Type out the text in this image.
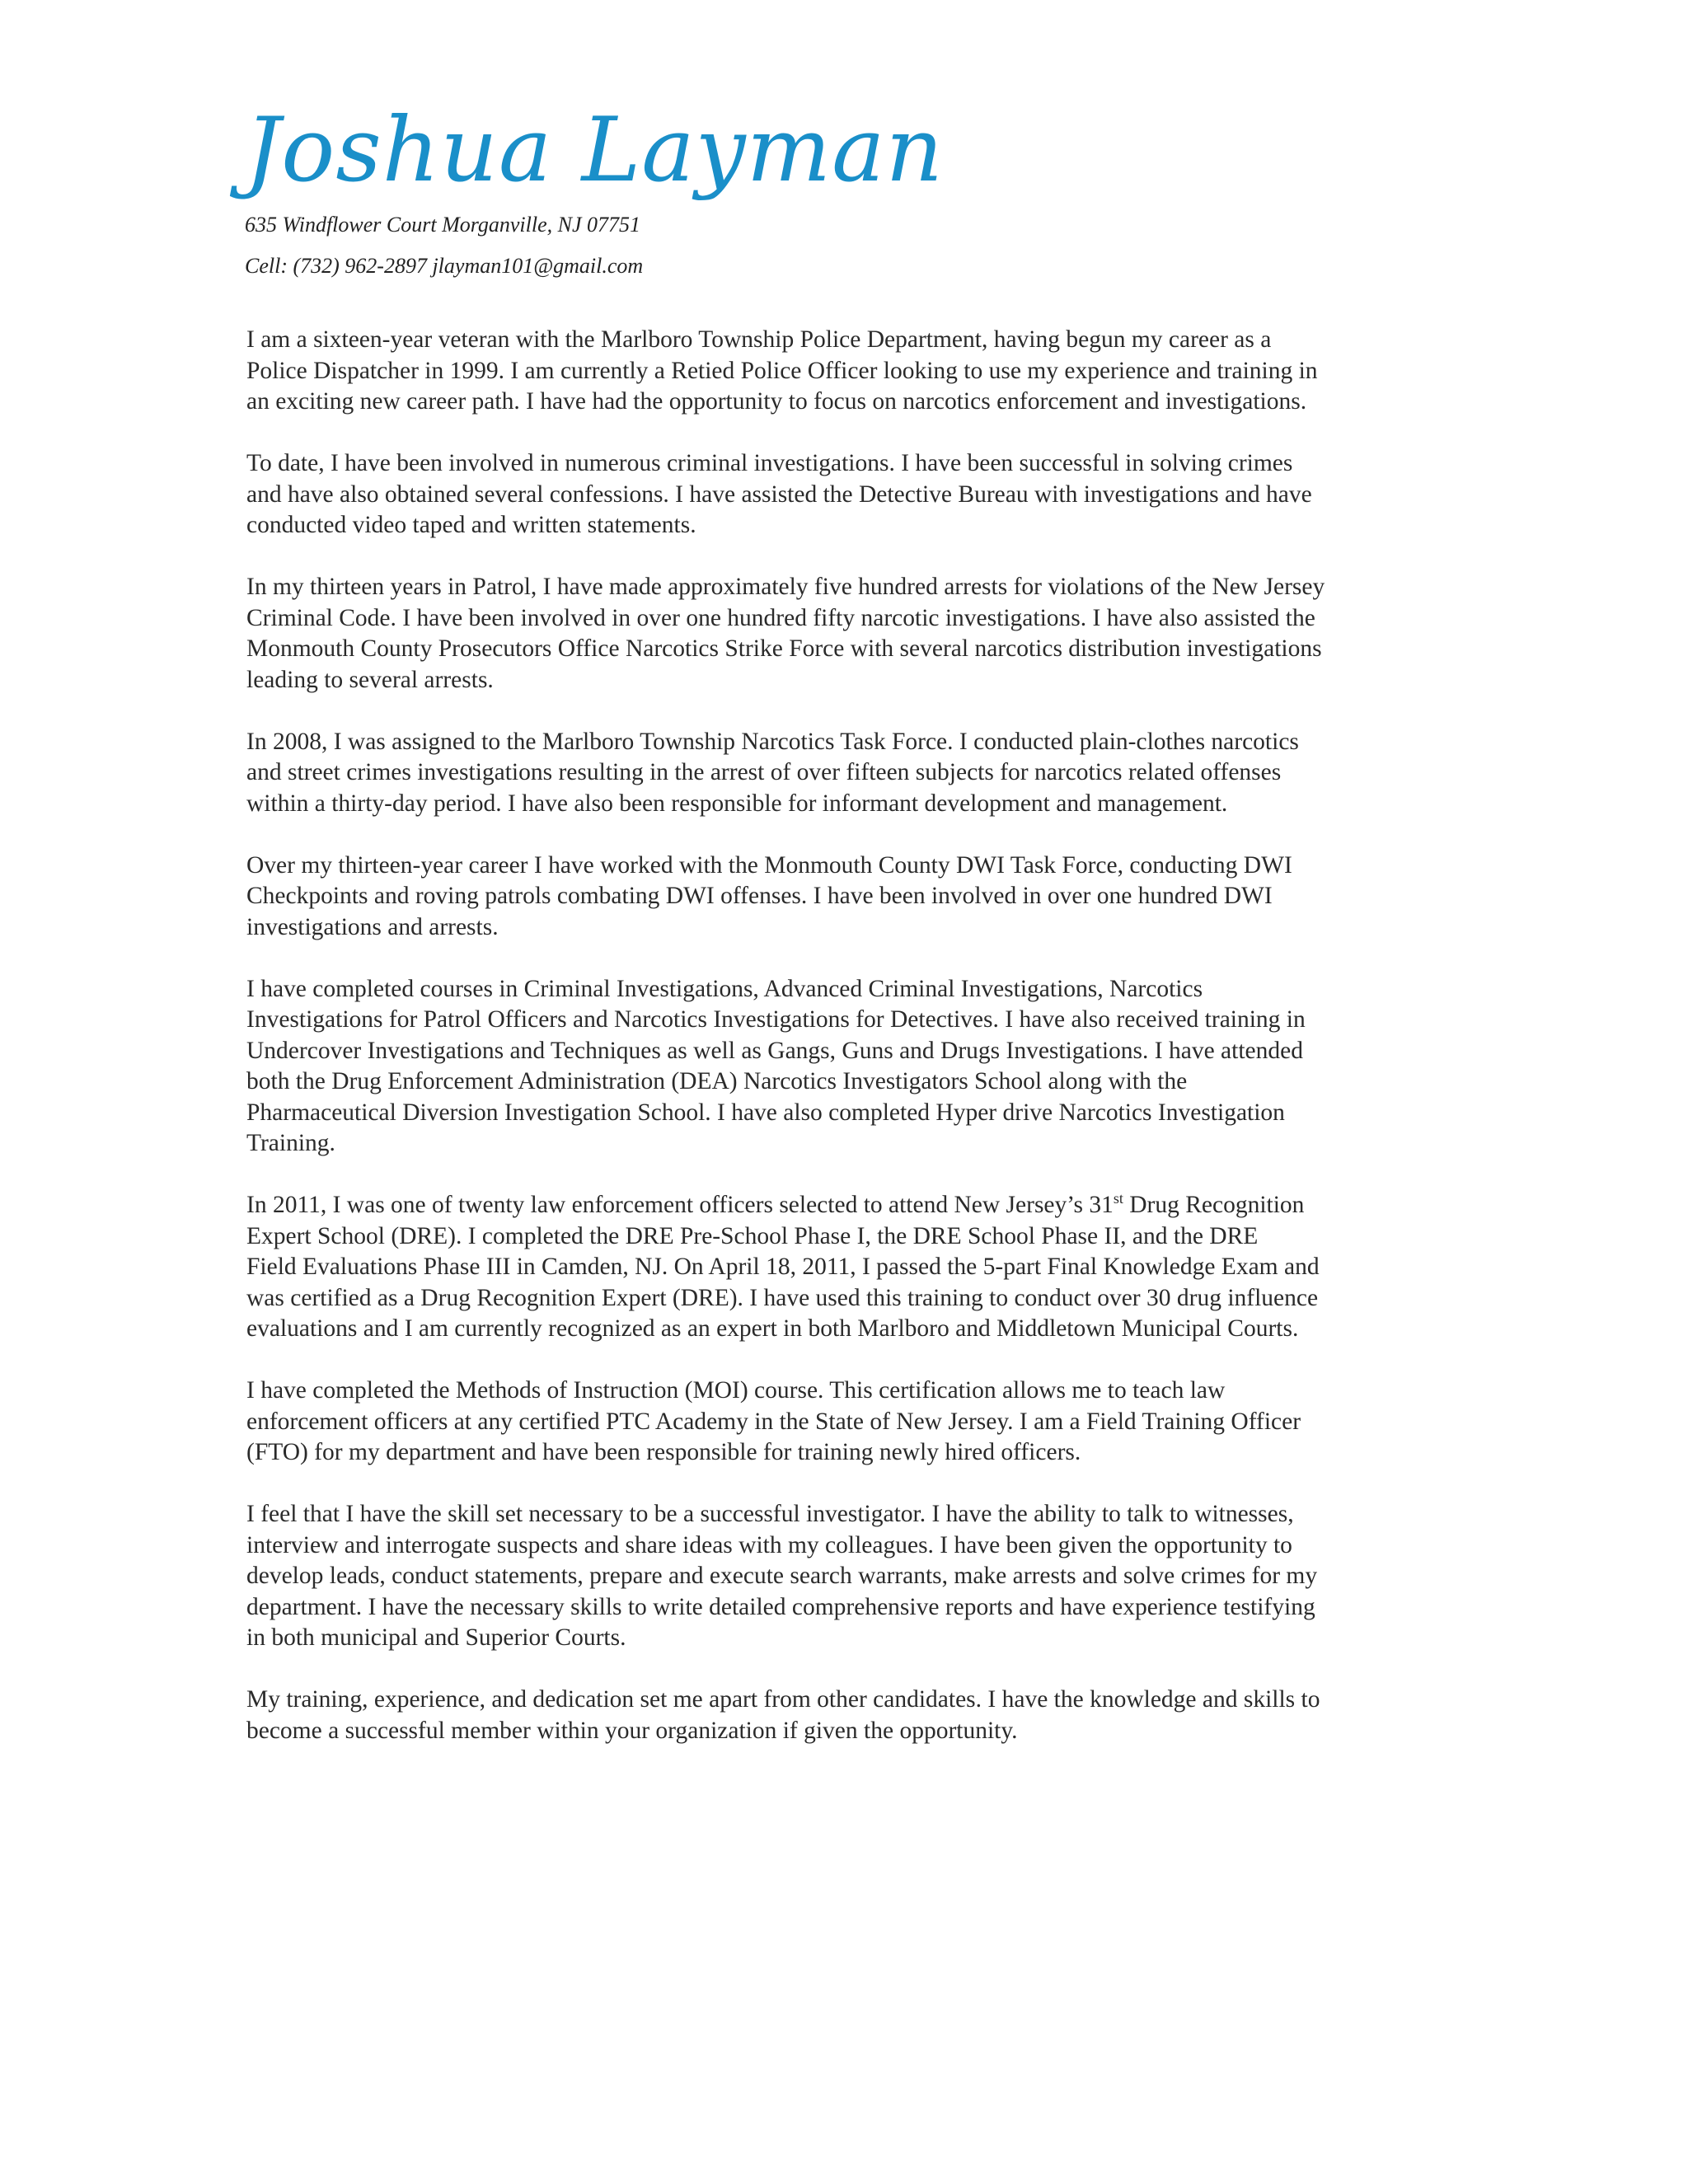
Joshua Layman

635 Windflower Court Morganville, NJ 07751

Cell: (732) 962-2897 jlayman101@gmail.com

I am a sixteen-year veteran with the Marlboro Township Police Department, having begun my career as a
Police Dispatcher in 1999. I am currently a Retied Police Officer looking to use my experience and training in
an exciting new career path. I have had the opportunity to focus on narcotics enforcement and investigations.

To date, I have been involved in numerous criminal investigations. I have been successful in solving crimes
and have also obtained several confessions. I have assisted the Detective Bureau with investigations and have
conducted video taped and written statements.

In my thirteen years in Patrol, I have made approximately five hundred arrests for violations of the New Jersey
Criminal Code. I have been involved in over one hundred fifty narcotic investigations. I have also assisted the
Monmouth County Prosecutors Office Narcotics Strike Force with several narcotics distribution investigations
leading to several arrests.

In 2008, I was assigned to the Marlboro Township Narcotics Task Force. I conducted plain-clothes narcotics
and street crimes investigations resulting in the arrest of over fifteen subjects for narcotics related offenses
within a thirty-day period. I have also been responsible for informant development and management.

Over my thirteen-year career I have worked with the Monmouth County DWI Task Force, conducting DWI
Checkpoints and roving patrols combating DWI offenses. I have been involved in over one hundred DWI
investigations and arrests.

I have completed courses in Criminal Investigations, Advanced Criminal Investigations, Narcotics
Investigations for Patrol Officers and Narcotics Investigations for Detectives. I have also received training in
Undercover Investigations and Techniques as well as Gangs, Guns and Drugs Investigations. I have attended
both the Drug Enforcement Administration (DEA) Narcotics Investigators School along with the
Pharmaceutical Diversion Investigation School. I have also completed Hyper drive Narcotics Investigation
Training.

In 2011, I was one of twenty law enforcement officers selected to attend New Jersey’s 31st Drug Recognition
Expert School (DRE). I completed the DRE Pre-School Phase I, the DRE School Phase II, and the DRE
Field Evaluations Phase III in Camden, NJ. On April 18, 2011, I passed the 5-part Final Knowledge Exam and
was certified as a Drug Recognition Expert (DRE). I have used this training to conduct over 30 drug influence
evaluations and I am currently recognized as an expert in both Marlboro and Middletown Municipal Courts.

I have completed the Methods of Instruction (MOI) course. This certification allows me to teach law
enforcement officers at any certified PTC Academy in the State of New Jersey. I am a Field Training Officer
(FTO) for my department and have been responsible for training newly hired officers.

I feel that I have the skill set necessary to be a successful investigator. I have the ability to talk to witnesses,
interview and interrogate suspects and share ideas with my colleagues. I have been given the opportunity to
develop leads, conduct statements, prepare and execute search warrants, make arrests and solve crimes for my
department. I have the necessary skills to write detailed comprehensive reports and have experience testifying
in both municipal and Superior Courts.

My training, experience, and dedication set me apart from other candidates. I have the knowledge and skills to
become a successful member within your organization if given the opportunity.
